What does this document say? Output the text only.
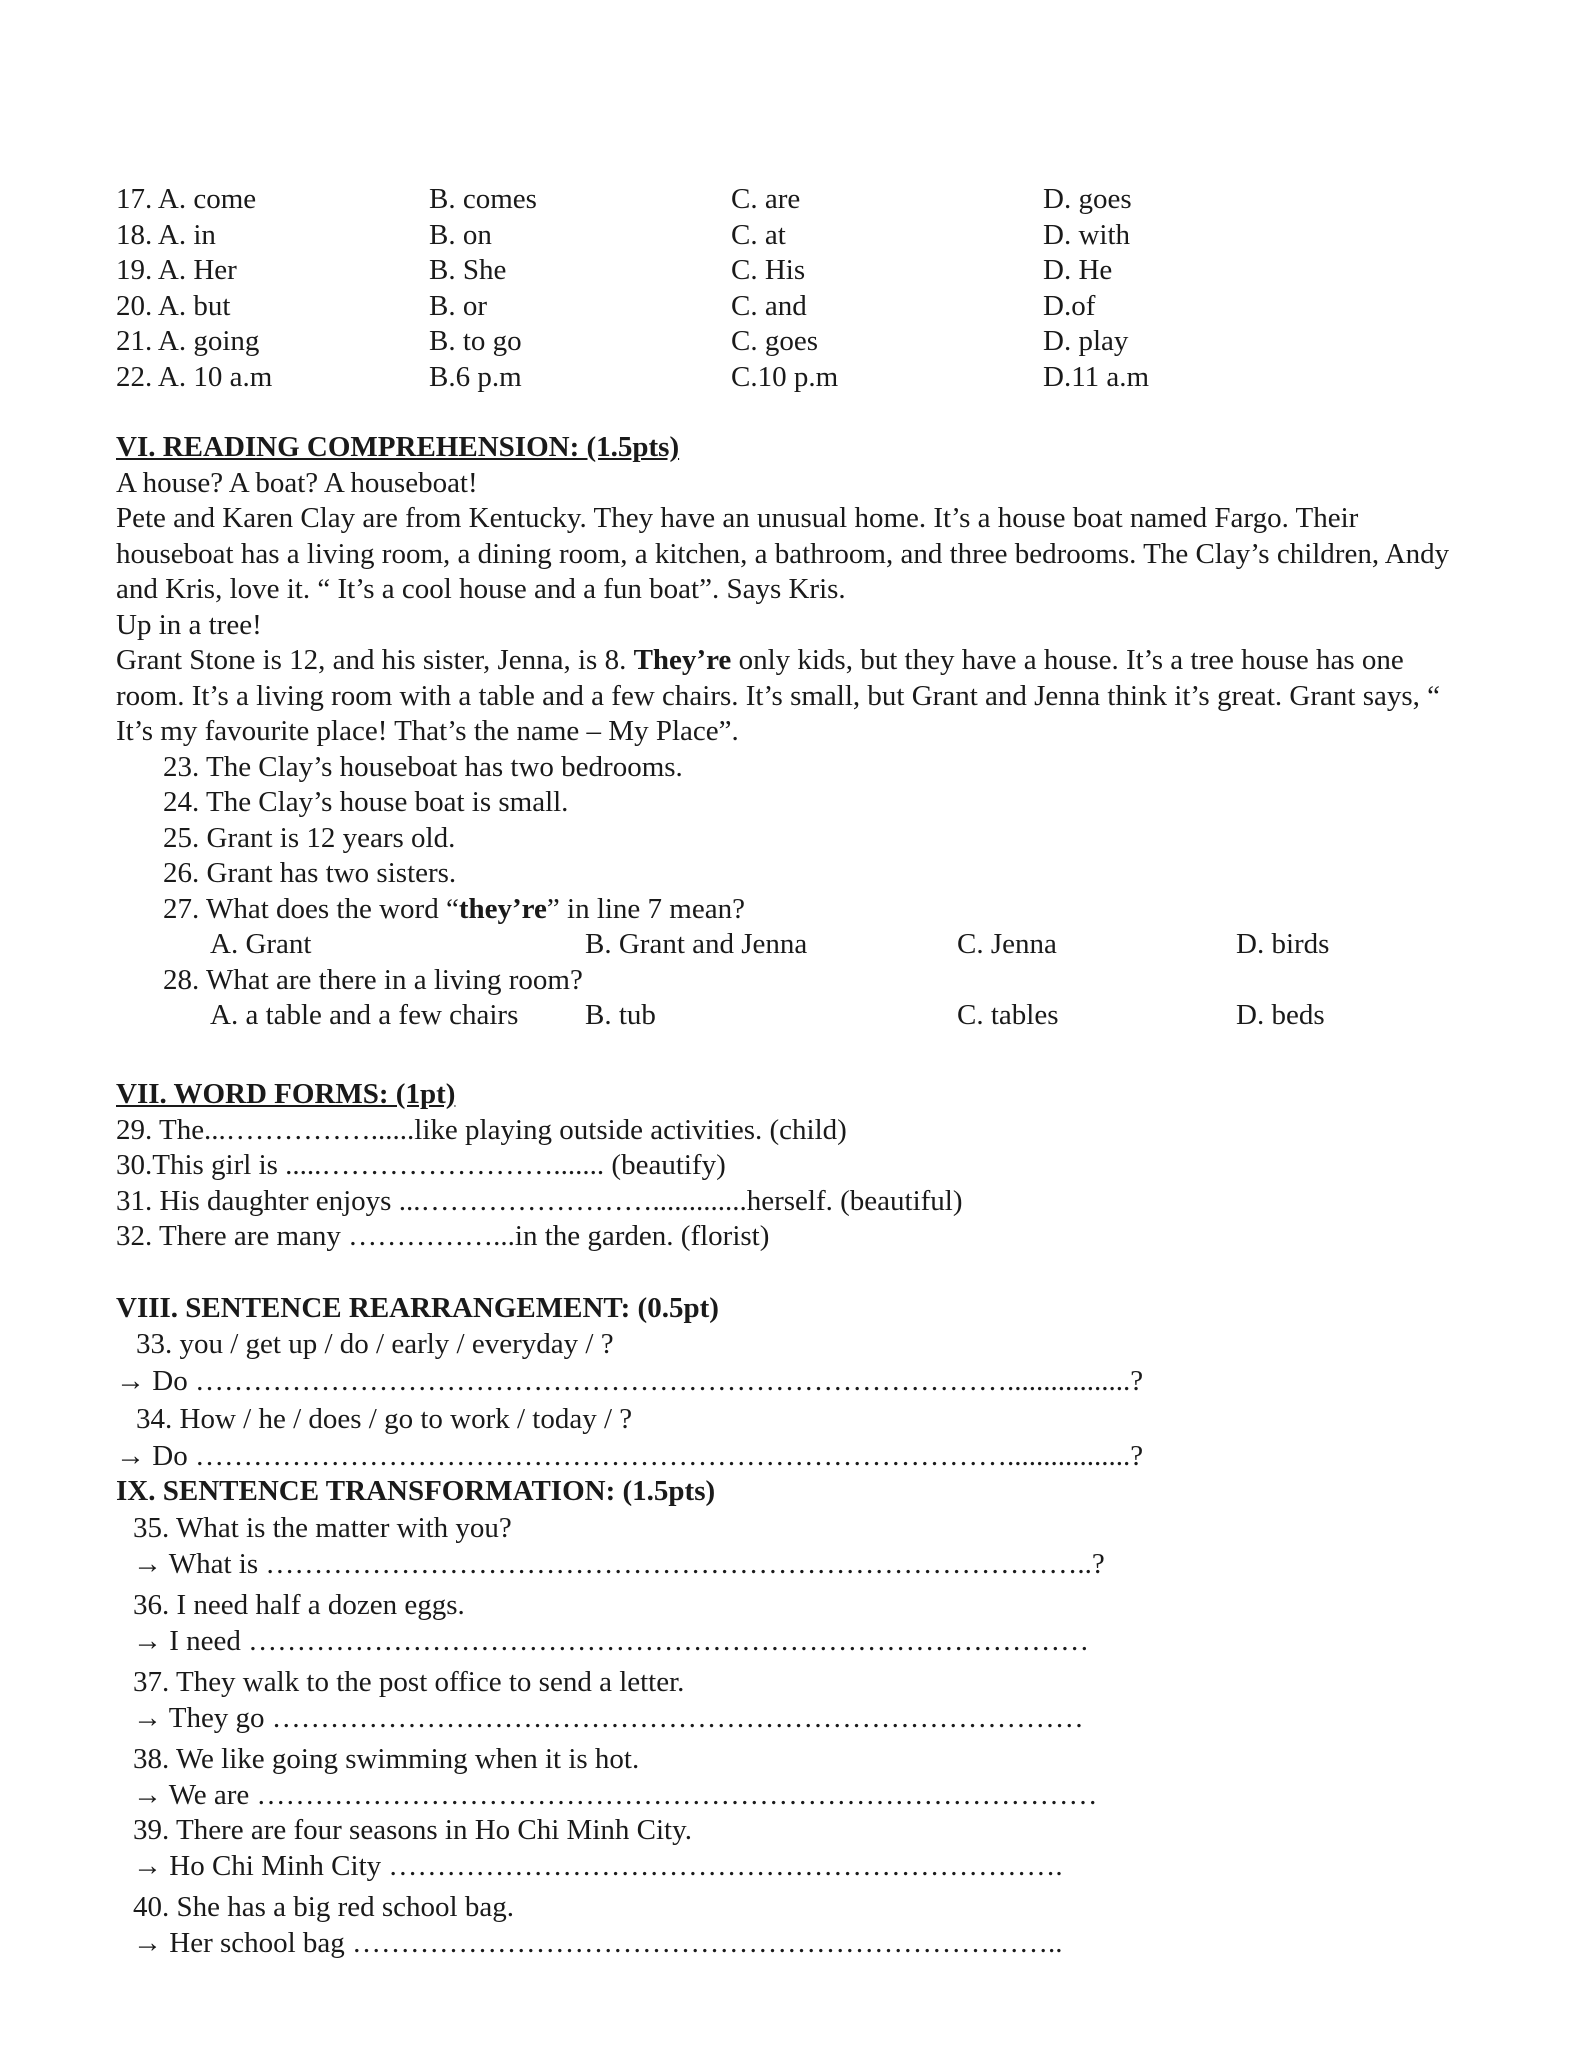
17. A. come	B. comes	C. are	D. goes
18. A. in	B. on	C. at	D. with
19. A. Her	B. She	C. His	D. He
20. A. but	B. or	C. and	D.of
21. A. going	B. to go	C. goes	D. play
22. A. 10 a.m	B.6 p.m	C.10 p.m	D.11 a.m
VI. READING COMPREHENSION: (1.5pts)
A house? A boat? A houseboat!
Pete and Karen Clay are from Kentucky. They have an unusual home. It’s a house boat named Fargo. Their houseboat has a living room, a dining room, a kitchen, a bathroom, and three bedrooms. The Clay’s children, Andy and Kris, love it. “ It’s a cool house and a fun boat”. Says Kris.
Up in a tree!
Grant Stone is 12, and his sister, Jenna, is 8. They’re only kids, but they have a house. It’s a tree house has one room. It’s a living room with a table and a few chairs. It’s small, but Grant and Jenna think it’s great. Grant says, “ It’s my favourite place! That’s the name – My Place”.
23. The Clay’s houseboat has two bedrooms.
24. The Clay’s house boat is small.
25. Grant is 12 years old.
26. Grant has two sisters.
27. What does the word “they’re” in line 7 mean?
A. Grant	B. Grant and Jenna	C. Jenna	D. birds
28. What are there in a living room?
A. a table and a few chairs B. tub	C. tables	D. beds
VII. WORD FORMS: (1pt)
29. The...……………......like playing outside activities. (child)
30.This girl is .....……………………....... (beautify)
31. His daughter enjoys ...…………………….............herself. (beautiful)
32. There are many ……………...in the garden. (florist)
VIII. SENTENCE REARRANGEMENT: (0.5pt)
33. you / get up / do / early / everyday / ?
→ Do ………………………………………………………………………….................?
34. How / he / does / go to work / today / ?
→ Do ………………………………………………………………………….................?
IX. SENTENCE TRANSFORMATION: (1.5pts)
35. What is the matter with you?
→ What is …………………………………………………………………………..?
36. I need half a dozen eggs.
→ I need ……………………………………………………………………………
37. They walk to the post office to send a letter.
→ They go …………………………………………………………………………
38. We like going swimming when it is hot.
→ We are ……………………………………………………………………………
39. There are four seasons in Ho Chi Minh City.
→ Ho Chi Minh City …………………………………………………………….
40. She has a big red school bag.
→ Her school bag ………………………………………………………………..
